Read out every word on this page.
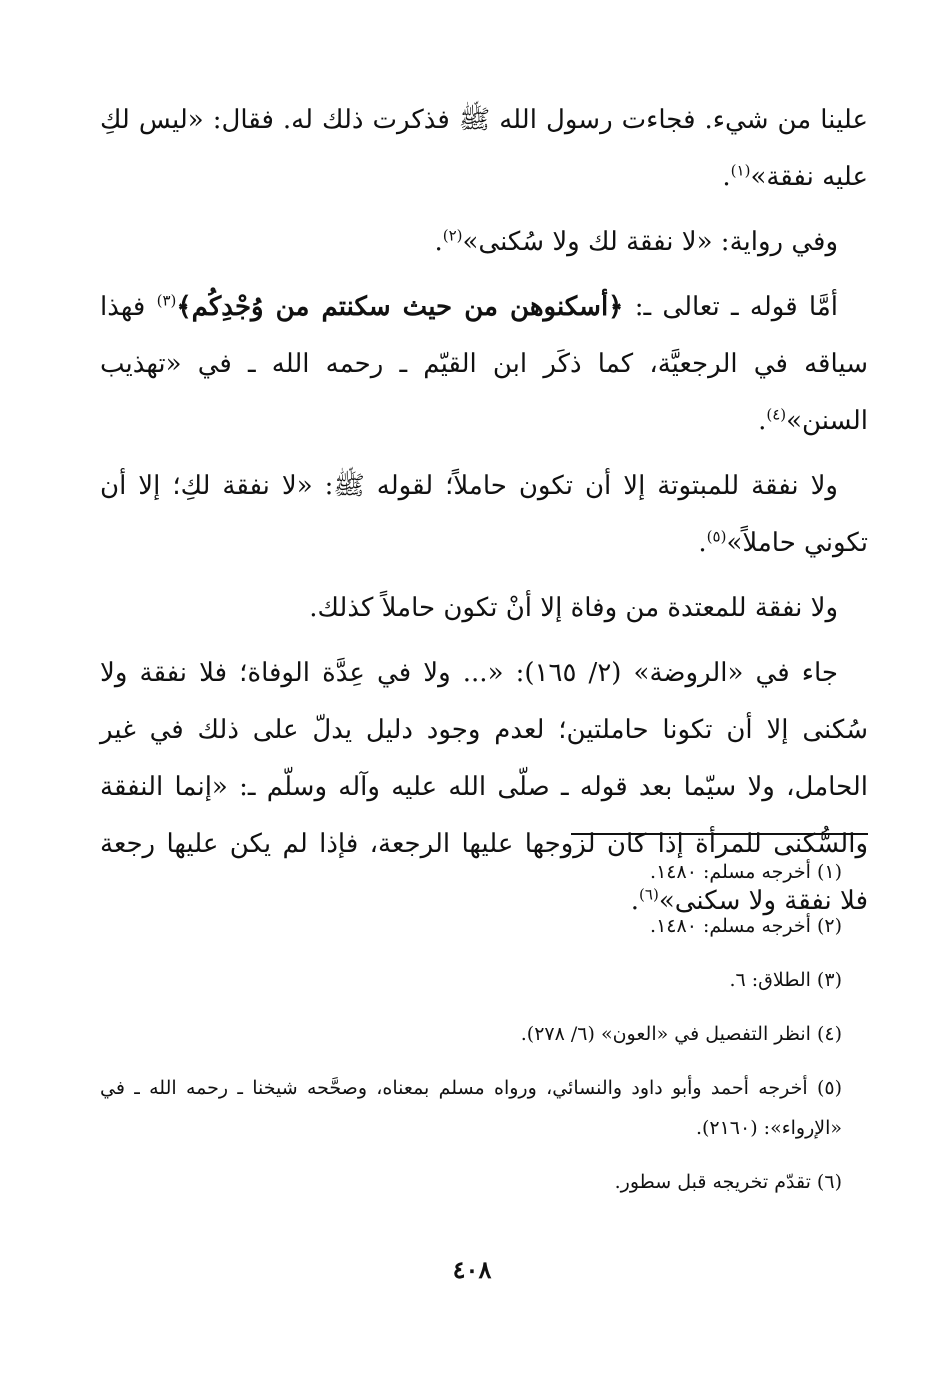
علينا من شيء. فجاءت رسول الله ﷺ فذكرت ذلك له. فقال: «ليس لكِ عليه نفقة»$^{(١)}$.

وفي رواية: «لا نفقة لك ولا سُكنى»$^{(٢)}$.

أمَّا قوله ـ تعالى ـ: ﴿أسكنوهن من حيث سكنتم من وُجْدِكُم﴾$^{(٣)}$ فهذا سياقه في الرجعيَّة، كما ذكَر ابن القيّم ـ رحمه الله ـ في «تهذيب السنن»$^{(٤)}$.

ولا نفقة للمبتوتة إلا أن تكون حاملاً؛ لقوله ﷺ: «لا نفقة لكِ؛ إلا أن تكوني حاملاً»$^{(٥)}$.

ولا نفقة للمعتدة من وفاة إلا أنْ تكون حاملاً كذلك.

جاء في «الروضة» (٢/ ١٦٥): «... ولا في عِدَّة الوفاة؛ فلا نفقة ولا سُكنى إلا أن تكونا حاملتين؛ لعدم وجود دليل يدلّ على ذلك في غير الحامل، ولا سيّما بعد قوله ـ صلّى الله عليه وآله وسلّم ـ: «إنما النفقة والسُّكنى للمرأة إذا كان لزوجها عليها الرجعة، فإذا لم يكن عليها رجعة فلا نفقة ولا سكنى»$^{(٦)}$.

(١) أخرجه مسلم: ١٤٨٠.

(٢) أخرجه مسلم: ١٤٨٠.

(٣) الطلاق: ٦.

(٤) انظر التفصيل في «العون» (٦/ ٢٧٨).

(٥) أخرجه أحمد وأبو داود والنسائي، ورواه مسلم بمعناه، وصحَّحه شيخنا ـ رحمه الله ـ في «الإرواء»: (٢١٦٠).

(٦) تقدّم تخريجه قبل سطور.

٤٠٨
